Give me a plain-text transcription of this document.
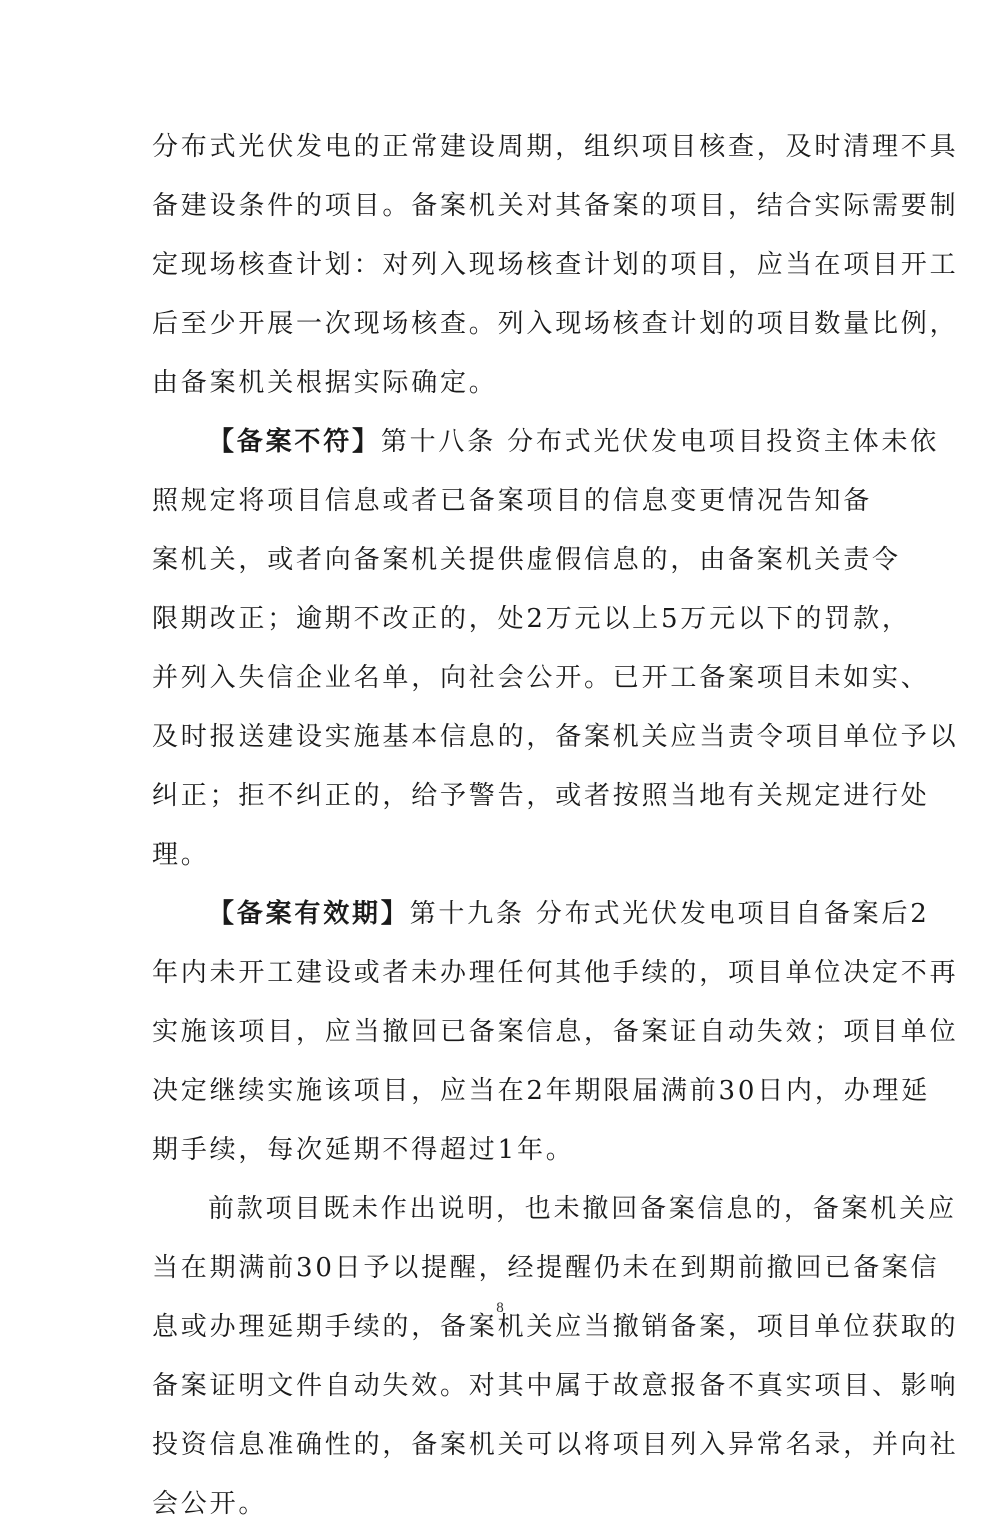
分布式光伏发电的正常建设周期，组织项目核查，及时清理不具
备建设条件的项目。备案机关对其备案的项目，结合实际需要制
定现场核查计划：对列入现场核查计划的项目，应当在项目开工
后至少开展一次现场核查。列入现场核查计划的项目数量比例，
由备案机关根据实际确定。

【备案不符】第十八条 分布式光伏发电项目投资主体未依
照规定将项目信息或者已备案项目的信息变更情况告知备
案机关，或者向备案机关提供虚假信息的，由备案机关责令
限期改正；逾期不改正的，处2万元以上5万元以下的罚款，
并列入失信企业名单，向社会公开。已开工备案项目未如实、
及时报送建设实施基本信息的，备案机关应当责令项目单位予以
纠正；拒不纠正的，给予警告，或者按照当地有关规定进行处
理。

【备案有效期】第十九条 分布式光伏发电项目自备案后2
年内未开工建设或者未办理任何其他手续的，项目单位决定不再
实施该项目，应当撤回已备案信息，备案证自动失效；项目单位
决定继续实施该项目，应当在2年期限届满前30日内，办理延
期手续，每次延期不得超过1年。

前款项目既未作出说明，也未撤回备案信息的，备案机关应
当在期满前30日予以提醒，经提醒仍未在到期前撤回已备案信
息或办理延期手续的，备案机关应当撤销备案，项目单位获取的
备案证明文件自动失效。对其中属于故意报备不真实项目、影响
投资信息准确性的，备案机关可以将项目列入异常名录，并向社
会公开。

8
